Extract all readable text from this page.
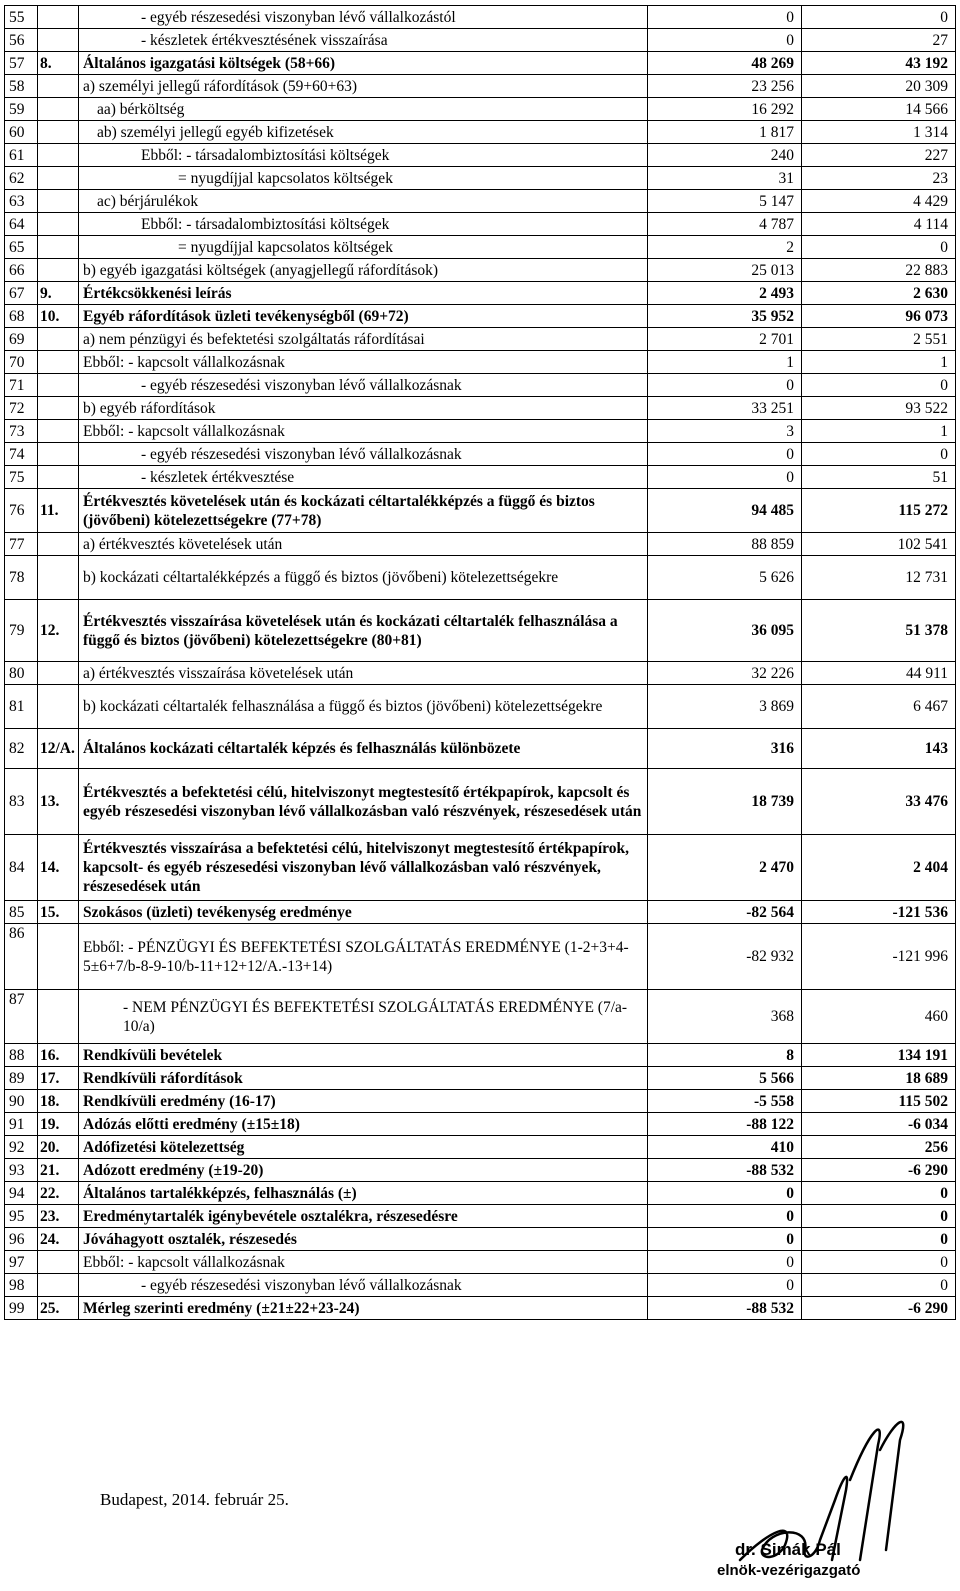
55		- egyéb részesedési viszonyban lévő vállalkozástól	0	0
56		- készletek értékvesztésének visszaírása	0	27
57	8.	Általános igazgatási költségek (58+66)	48 269	43 192
58		a) személyi jellegű ráfordítások (59+60+63)	23 256	20 309
59		aa) bérköltség	16 292	14 566
60		ab) személyi jellegű egyéb kifizetések	1 817	1 314
61		Ebből: - társadalombiztosítási költségek	240	227
62		= nyugdíjjal kapcsolatos költségek	31	23
63		ac) bérjárulékok	5 147	4 429
64		Ebből: - társadalombiztosítási költségek	4 787	4 114
65		= nyugdíjjal kapcsolatos költségek	2	0
66		b) egyéb igazgatási költségek (anyagjellegű ráfordítások)	25 013	22 883
67	9.	Értékcsökkenési leírás	2 493	2 630
68	10.	Egyéb ráfordítások üzleti tevékenységből (69+72)	35 952	96 073
69		a) nem pénzügyi és befektetési szolgáltatás ráfordításai	2 701	2 551
70		Ebből: - kapcsolt vállalkozásnak	1	1
71		- egyéb részesedési viszonyban lévő vállalkozásnak	0	0
72		b) egyéb ráfordítások	33 251	93 522
73		Ebből: - kapcsolt vállalkozásnak	3	1
74		- egyéb részesedési viszonyban lévő vállalkozásnak	0	0
75		- készletek értékvesztése	0	51
76	11.	Értékvesztés követelések után és kockázati céltartalékképzés a függő és biztos (jövőbeni) kötelezettségekre (77+78)	94 485	115 272
77		a) értékvesztés követelések után	88 859	102 541
78		b) kockázati céltartalékképzés a függő és biztos (jövőbeni) kötelezettségekre	5 626	12 731
79	12.	Értékvesztés visszaírása követelések után és kockázati céltartalék felhasználása a függő és biztos (jövőbeni) kötelezettségekre (80+81)	36 095	51 378
80		a) értékvesztés visszaírása követelések után	32 226	44 911
81		b) kockázati céltartalék felhasználása a függő és biztos (jövőbeni) kötelezettségekre	3 869	6 467
82	12/A.	Általános kockázati céltartalék képzés és felhasználás különbözete	316	143
83	13.	Értékvesztés a befektetési célú, hitelviszonyt megtestesítő értékpapírok, kapcsolt és egyéb részesedési viszonyban lévő vállalkozásban való részvények, részesedések után	18 739	33 476
84	14.	Értékvesztés visszaírása a befektetési célú, hitelviszonyt megtestesítő értékpapírok, kapcsolt- és egyéb részesedési viszonyban lévő vállalkozásban való részvények, részesedések után	2 470	2 404
85	15.	Szokásos (üzleti) tevékenység eredménye	-82 564	-121 536
86		Ebből: - PÉNZÜGYI ÉS BEFEKTETÉSI SZOLGÁLTATÁS EREDMÉNYE (1-2+3+4-5±6+7/b-8-9-10/b-11+12+12/A.-13+14)	-82 932	-121 996
87		- NEM PÉNZÜGYI ÉS BEFEKTETÉSI SZOLGÁLTATÁS EREDMÉNYE (7/a-10/a)	368	460
88	16.	Rendkívüli bevételek	8	134 191
89	17.	Rendkívüli ráfordítások	5 566	18 689
90	18.	Rendkívüli eredmény (16-17)	-5 558	115 502
91	19.	Adózás előtti eredmény (±15±18)	-88 122	-6 034
92	20.	Adófizetési kötelezettség	410	256
93	21.	Adózott eredmény (±19-20)	-88 532	-6 290
94	22.	Általános tartalékképzés, felhasználás (±)	0	0
95	23.	Eredménytartalék igénybevétele osztalékra, részesedésre	0	0
96	24.	Jóváhagyott osztalék, részesedés	0	0
97		Ebből: - kapcsolt vállalkozásnak	0	0
98		- egyéb részesedési viszonyban lévő vállalkozásnak	0	0
99	25.	Mérleg szerinti eredmény (±21±22+23-24)	-88 532	-6 290
Budapest, 2014. február 25.
dr. Simák Pál
elnök-vezérigazgató
